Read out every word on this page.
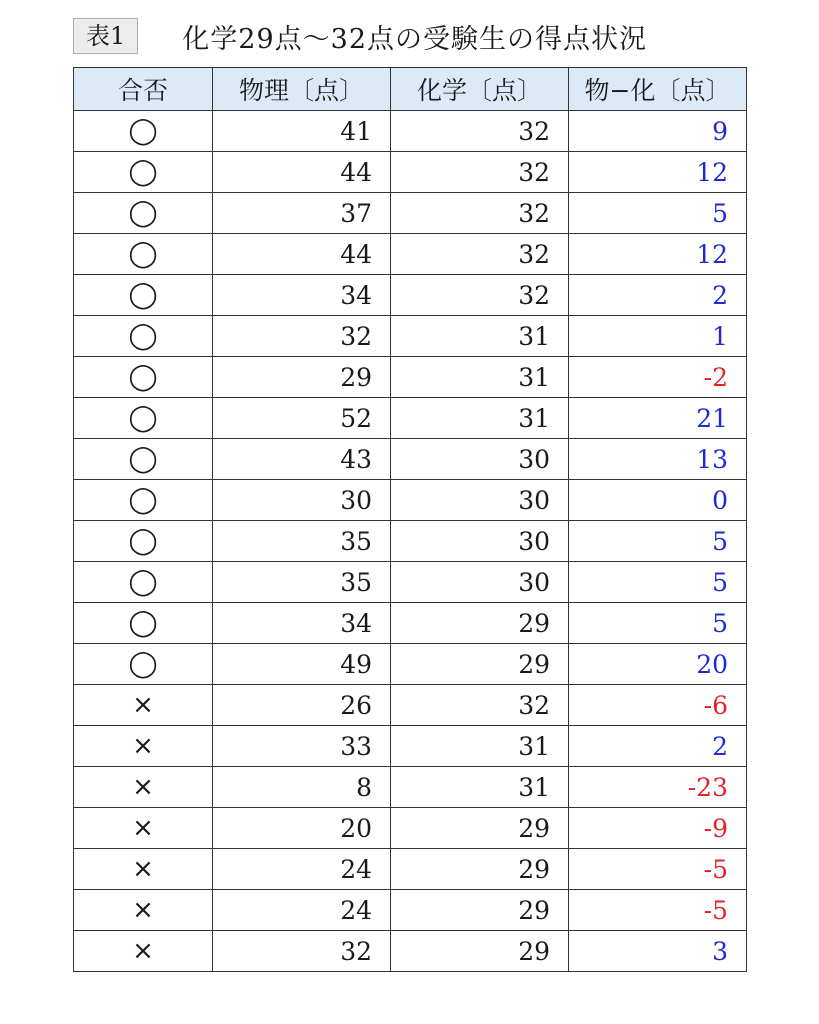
表1	化学29点～32点の受験生の得点状況
合否	物理〔点〕	化学〔点〕	物−化〔点〕
◯	41	32	9
◯	44	32	12
◯	37	32	5
◯	44	32	12
◯	34	32	2
◯	32	31	1
◯	29	31	-2
◯	52	31	21
◯	43	30	13
◯	30	30	0
◯	35	30	5
◯	35	30	5
◯	34	29	5
◯	49	29	20
×	26	32	-6
×	33	31	2
×	8	31	-23
×	20	29	-9
×	24	29	-5
×	24	29	-5
×	32	29	3
